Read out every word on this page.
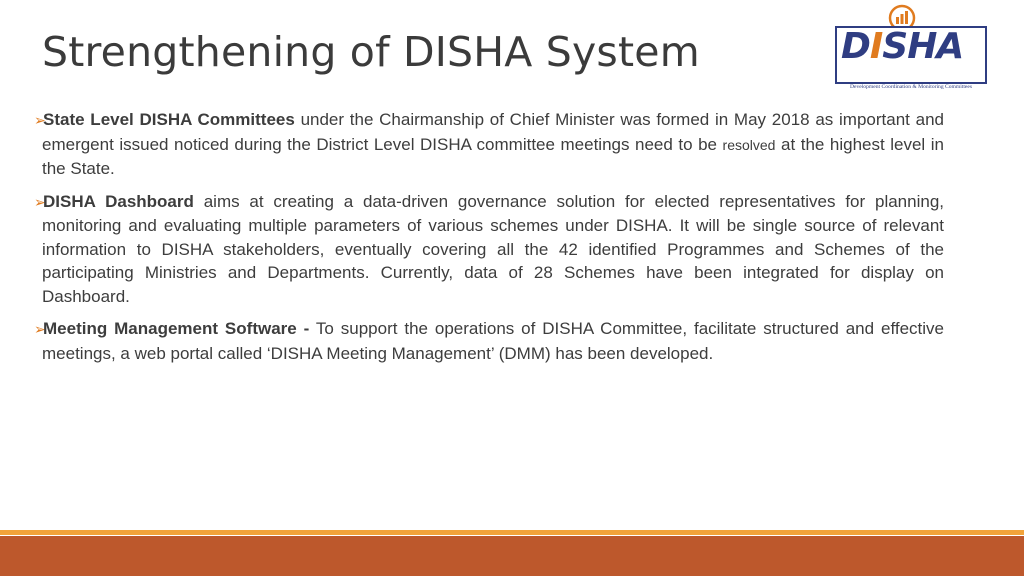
Strengthening of DISHA System	DISHA
Development Coordination & Monitoring Committees

➢State Level DISHA Committees under the Chairmanship of Chief Minister was formed in May 2018 as important and emergent issued noticed during the District Level DISHA committee meetings need to be resolved at the highest level in the State.

➢DISHA Dashboard aims at creating a data-driven governance solution for elected representatives for planning, monitoring and evaluating multiple parameters of various schemes under DISHA. It will be single source of relevant information to DISHA stakeholders, eventually covering all the 42 identified Programmes and Schemes of the participating Ministries and Departments. Currently, data of 28 Schemes have been integrated for display on Dashboard.

➢Meeting Management Software - To support the operations of DISHA Committee, facilitate structured and effective meetings, a web portal called ‘DISHA Meeting Management’ (DMM) has been developed.
